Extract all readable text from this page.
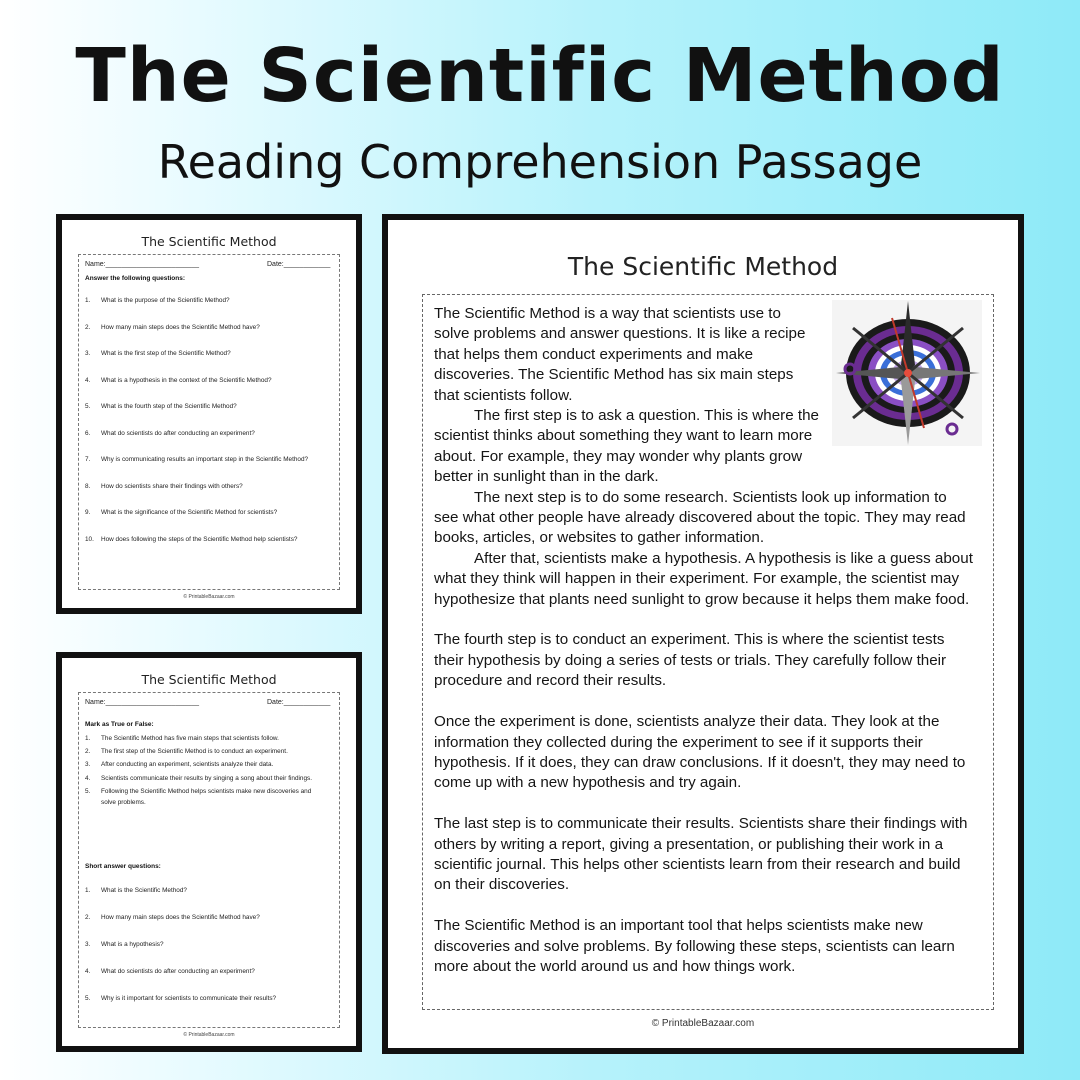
The Scientific Method
Reading Comprehension Passage
The Scientific Method
Name:________________________	Date:____________
Answer the following questions:
1. What is the purpose of the Scientific Method?
2. How many main steps does the Scientific Method have?
3. What is the first step of the Scientific Method?
4. What is a hypothesis in the context of the Scientific Method?
5. What is the fourth step of the Scientific Method?
6. What do scientists do after conducting an experiment?
7. Why is communicating results an important step in the Scientific Method?
8. How do scientists share their findings with others?
9. What is the significance of the Scientific Method for scientists?
10. How does following the steps of the Scientific Method help scientists?
© PrintableBazaar.com
The Scientific Method
Name:________________________	Date:____________
Mark as True or False:
1. The Scientific Method has five main steps that scientists follow.
2. The first step of the Scientific Method is to conduct an experiment.
3. After conducting an experiment, scientists analyze their data.
4. Scientists communicate their results by singing a song about their findings.
5. Following the Scientific Method helps scientists make new discoveries and solve problems.
Short answer questions:
1. What is the Scientific Method?
2. How many main steps does the Scientific Method have?
3. What is a hypothesis?
4. What do scientists do after conducting an experiment?
5. Why is it important for scientists to communicate their results?
© PrintableBazaar.com
The Scientific Method

The Scientific Method is a way that scientists use to solve problems and answer questions. It is like a recipe that helps them conduct experiments and make discoveries. The Scientific Method has six main steps that scientists follow.

The first step is to ask a question. This is where the scientist thinks about something they want to learn more about. For example, they may wonder why plants grow better in sunlight than in the dark.

The next step is to do some research. Scientists look up information to see what other people have already discovered about the topic. They may read books, articles, or websites to gather information.

After that, scientists make a hypothesis. A hypothesis is like a guess about what they think will happen in their experiment. For example, the scientist may hypothesize that plants need sunlight to grow because it helps them make food.

The fourth step is to conduct an experiment. This is where the scientist tests their hypothesis by doing a series of tests or trials. They carefully follow their procedure and record their results.

Once the experiment is done, scientists analyze their data. They look at the information they collected during the experiment to see if it supports their hypothesis. If it does, they can draw conclusions. If it doesn't, they may need to come up with a new hypothesis and try again.

The last step is to communicate their results. Scientists share their findings with others by writing a report, giving a presentation, or publishing their work in a scientific journal. This helps other scientists learn from their research and build on their discoveries.

The Scientific Method is an important tool that helps scientists make new discoveries and solve problems. By following these steps, scientists can learn more about the world around us and how things work.

© PrintableBazaar.com
